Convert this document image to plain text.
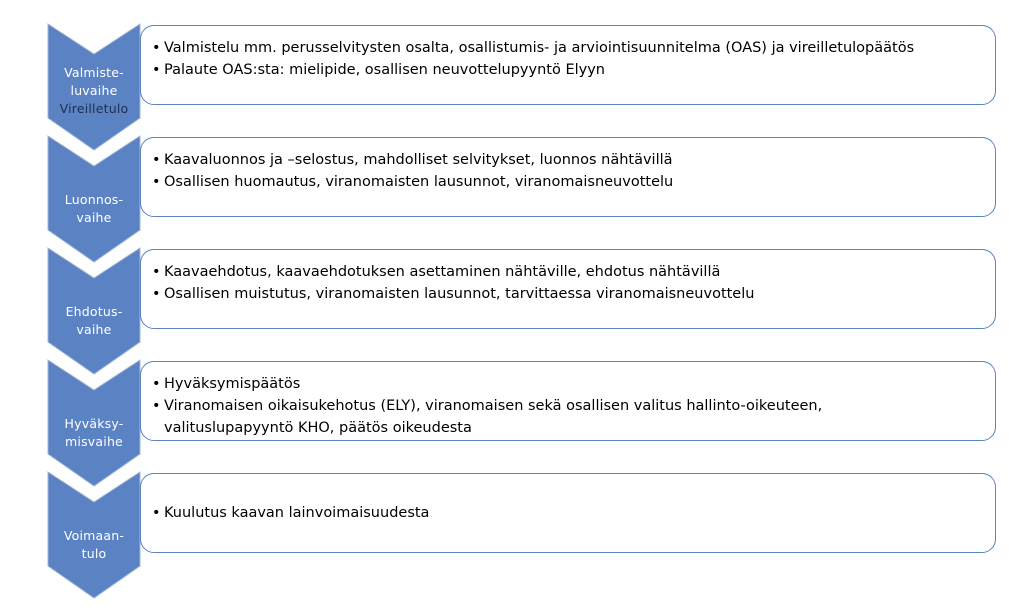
Valmiste-
luvaihe
Vireilletulo
• Valmistelu mm. perusselvitysten osalta, osallistumis- ja arviointisuunnitelma (OAS) ja vireilletulopäätös
• Palaute OAS:sta: mielipide, osallisen neuvottelupyyntö Elyyn
Luonnos-
vaihe
• Kaavaluonnos ja –selostus, mahdolliset selvitykset, luonnos nähtävillä
• Osallisen huomautus, viranomaisten lausunnot, viranomaisneuvottelu
Ehdotus-
vaihe
• Kaavaehdotus, kaavaehdotuksen asettaminen nähtäville, ehdotus nähtävillä
• Osallisen muistutus, viranomaisten lausunnot, tarvittaessa viranomaisneuvottelu
Hyväksy-
misvaihe
• Hyväksymispäätös
• Viranomaisen oikaisukehotus (ELY), viranomaisen sekä osallisen valitus hallinto-oikeuteen,
valituslupapyyntö KHO, päätös oikeudesta
Voimaan-
tulo
• Kuulutus kaavan lainvoimaisuudesta
